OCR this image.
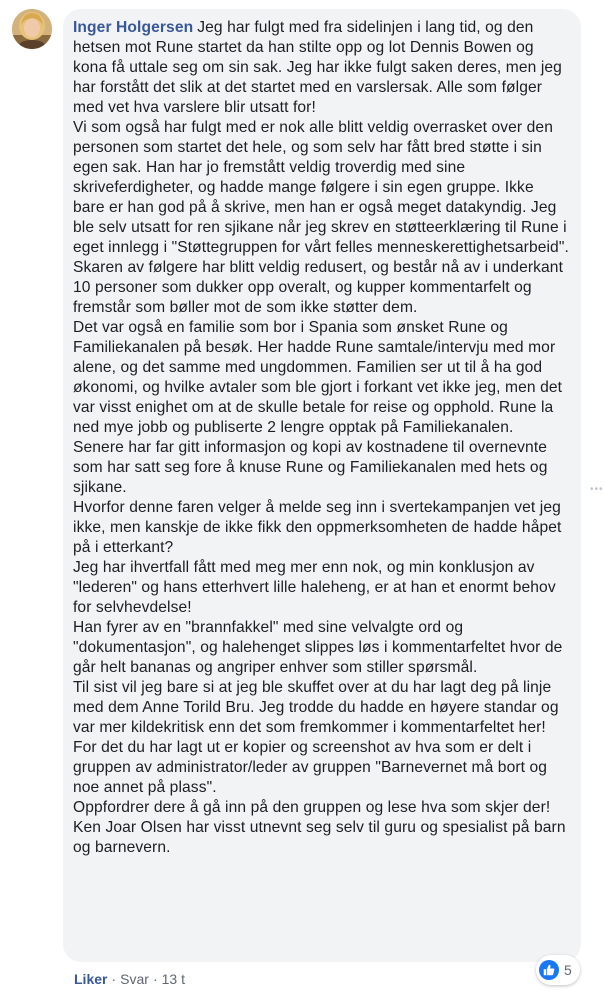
Inger Holgersen Jeg har fulgt med fra sidelinjen i lang tid, og den hetsen mot Rune startet da han stilte opp og lot Dennis Bowen og kona få uttale seg om sin sak. Jeg har ikke fulgt saken deres, men jeg har forstått det slik at det startet med en varslersak. Alle som følger med vet hva varslere blir utsatt for!
Vi som også har fulgt med er nok alle blitt veldig overrasket over den personen som startet det hele, og som selv har fått bred støtte i sin egen sak. Han har jo fremstått veldig troverdig med sine skriveferdigheter, og hadde mange følgere i sin egen gruppe. Ikke bare er han god på å skrive, men han er også meget datakyndig. Jeg ble selv utsatt for ren sjikane når jeg skrev en støtteerklæring til Rune i eget innlegg i "Støttegruppen for vårt felles menneskerettighetsarbeid".
Skaren av følgere har blitt veldig redusert, og består nå av i underkant 10 personer som dukker opp overalt, og kupper kommentarfelt og fremstår som bøller mot de som ikke støtter dem.
Det var også en familie som bor i Spania som ønsket Rune og Familiekanalen på besøk. Her hadde Rune samtale/intervju med mor alene, og det samme med ungdommen. Familien ser ut til å ha god økonomi, og hvilke avtaler som ble gjort i forkant vet ikke jeg, men det var visst enighet om at de skulle betale for reise og opphold. Rune la ned mye jobb og publiserte 2 lengre opptak på Familiekanalen.
Senere har far gitt informasjon og kopi av kostnadene til overnevnte som har satt seg fore å knuse Rune og Familiekanalen med hets og sjikane.
Hvorfor denne faren velger å melde seg inn i svertekampanjen vet jeg ikke, men kanskje de ikke fikk den oppmerksomheten de hadde håpet på i etterkant?
Jeg har ihvertfall fått med meg mer enn nok, og min konklusjon av "lederen" og hans etterhvert lille haleheng, er at han et enormt behov for selvhevdelse!
Han fyrer av en "brannfakkel" med sine velvalgte ord og "dokumentasjon", og halehenget slippes løs i kommentarfeltet hvor de går helt bananas og angriper enhver som stiller spørsmål.
Til sist vil jeg bare si at jeg ble skuffet over at du har lagt deg på linje med dem Anne Torild Bru. Jeg trodde du hadde en høyere standar og var mer kildekritisk enn det som fremkommer i kommentarfeltet her!
For det du har lagt ut er kopier og screenshot av hva som er delt i gruppen av administrator/leder av gruppen "Barnevernet må bort og noe annet på plass".
Oppfordrer dere å gå inn på den gruppen og lese hva som skjer der!
Ken Joar Olsen har visst utnevnt seg selv til guru og spesialist på barn og barnevern.
•••
Liker · Svar · 13 t
5
